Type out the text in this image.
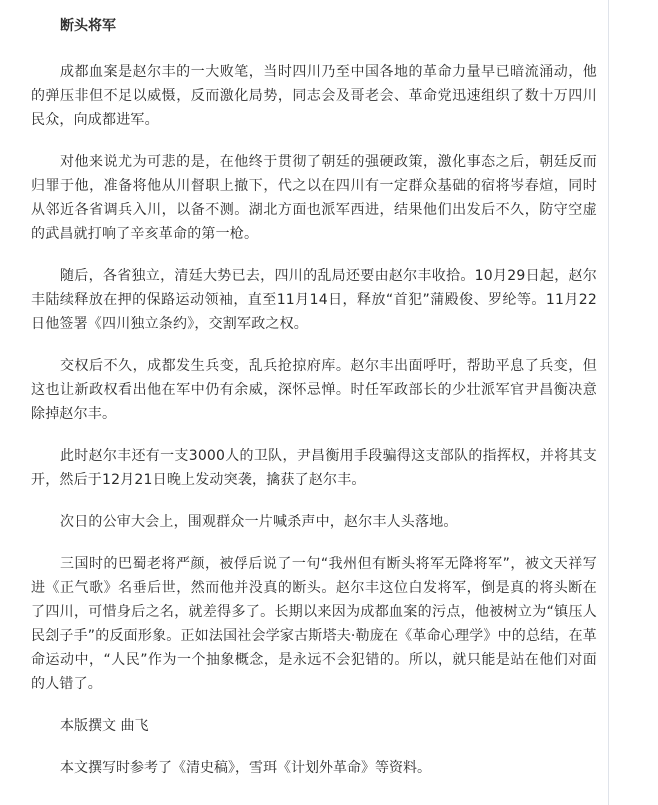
断头将军

成都血案是赵尔丰的一大败笔，当时四川乃至中国各地的革命力量早已暗流涌动，他的弹压非但不足以威慑，反而激化局势，同志会及哥老会、革命党迅速组织了数十万四川民众，向成都进军。

对他来说尤为可悲的是，在他终于贯彻了朝廷的强硬政策，激化事态之后，朝廷反而归罪于他，准备将他从川督职上撤下，代之以在四川有一定群众基础的宿将岑春煊，同时从邻近各省调兵入川，以备不测。湖北方面也派军西进，结果他们出发后不久，防守空虚的武昌就打响了辛亥革命的第一枪。

随后，各省独立，清廷大势已去，四川的乱局还要由赵尔丰收拾。10月29日起，赵尔丰陆续释放在押的保路运动领袖，直至11月14日，释放“首犯”蒲殿俊、罗纶等。11月22日他签署《四川独立条约》，交割军政之权。

交权后不久，成都发生兵变，乱兵抢掠府库。赵尔丰出面呼吁，帮助平息了兵变，但这也让新政权看出他在军中仍有余威，深怀忌惮。时任军政部长的少壮派军官尹昌衡决意除掉赵尔丰。

此时赵尔丰还有一支3000人的卫队，尹昌衡用手段骗得这支部队的指挥权，并将其支开，然后于12月21日晚上发动突袭，擒获了赵尔丰。

次日的公审大会上，围观群众一片喊杀声中，赵尔丰人头落地。

三国时的巴蜀老将严颜，被俘后说了一句“我州但有断头将军无降将军”，被文天祥写进《正气歌》名垂后世，然而他并没真的断头。赵尔丰这位白发将军，倒是真的将头断在了四川，可惜身后之名，就差得多了。长期以来因为成都血案的污点，他被树立为“镇压人民刽子手”的反面形象。正如法国社会学家古斯塔夫·勒庞在《革命心理学》中的总结，在革命运动中，“人民”作为一个抽象概念，是永远不会犯错的。所以，就只能是站在他们对面的人错了。

本版撰文 曲飞

本文撰写时参考了《清史稿》，雪珥《计划外革命》等资料。
